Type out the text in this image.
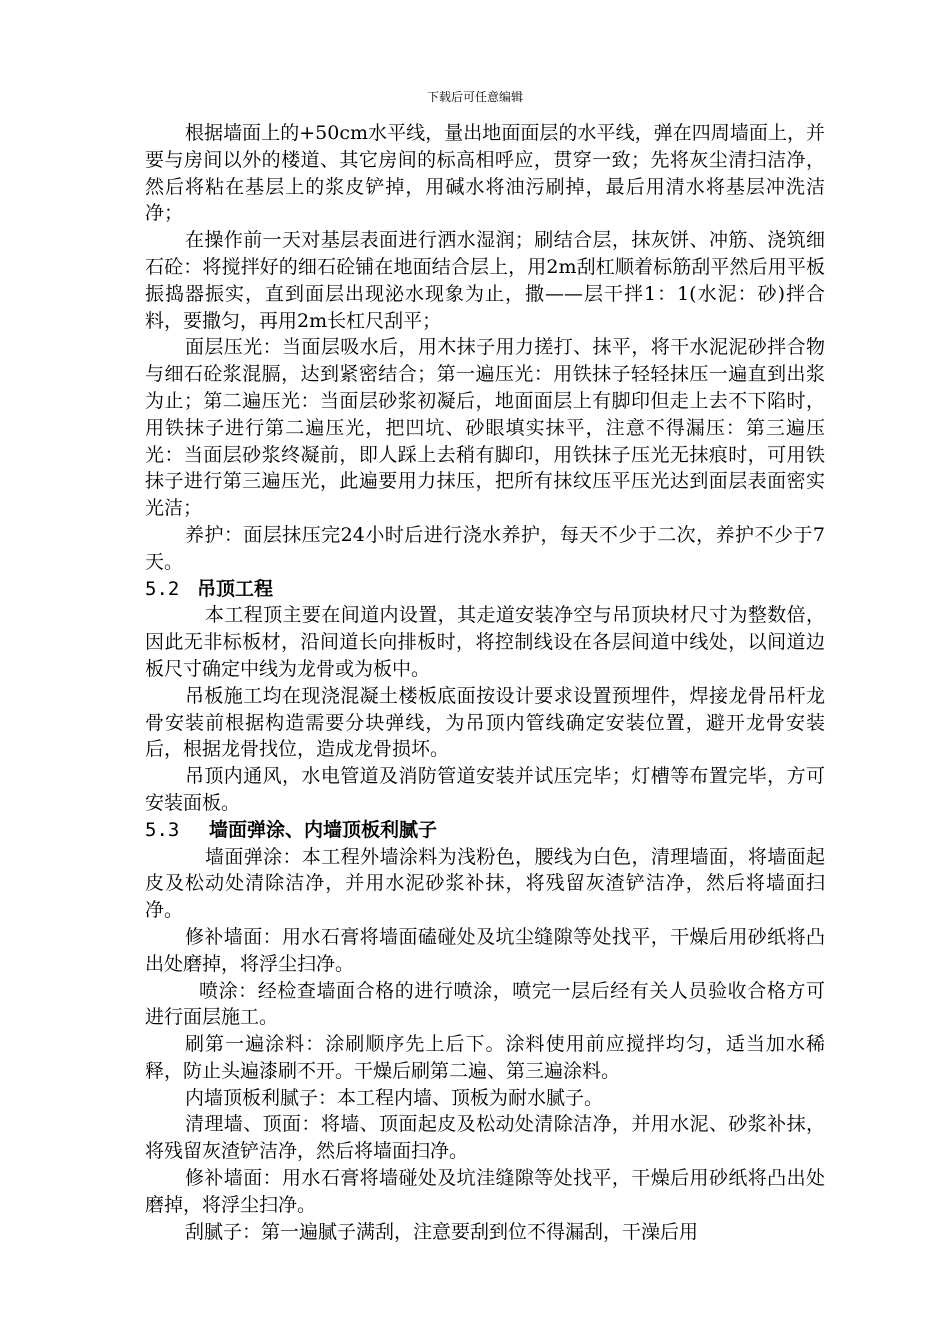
下载后可任意编辑

根据墙面上的+50cm水平线，量出地面面层的水平线，弹在四周墙面上，并要与房间以外的楼道、其它房间的标高相呼应，贯穿一致；先将灰尘清扫洁净，然后将粘在基层上的浆皮铲掉，用碱水将油污刷掉，最后用清水将基层冲洗洁净；

在操作前一天对基层表面进行洒水湿润；刷结合层，抹灰饼、冲筋、浇筑细石砼：将搅拌好的细石砼铺在地面结合层上，用2m刮杠顺着标筋刮平然后用平板振捣器振实，直到面层出现泌水现象为止，撒——层干拌1：1(水泥：砂)拌合料，要撒匀，再用2m长杠尺刮平；

面层压光：当面层吸水后，用木抹子用力搓打、抹平，将干水泥泥砂拌合物与细石砼浆混膈，达到紧密结合；第一遍压光：用铁抹子轻轻抹压一遍直到出浆为止；第二遍压光：当面层砂浆初凝后，地面面层上有脚印但走上去不下陷时，用铁抹子进行第二遍压光，把凹坑、砂眼填实抹平，注意不得漏压：第三遍压光：当面层砂浆终凝前，即人踩上去稍有脚印，用铁抹子压光无抹痕时，可用铁抹子进行第三遍压光，此遍要用力抹压，把所有抹纹压平压光达到面层表面密实光洁；

养护：面层抹压完24小时后进行浇水养护，每天不少于二次，养护不少于7天。

5.2 吊顶工程

本工程顶主要在间道内设置，其走道安装净空与吊顶块材尺寸为整数倍，因此无非标板材，沿间道长向排板时，将控制线设在各层间道中线处，以间道边板尺寸确定中线为龙骨或为板中。

吊板施工均在现浇混凝土楼板底面按设计要求设置预埋件，焊接龙骨吊杆龙骨安装前根据构造需要分块弹线，为吊顶内管线确定安装位置，避开龙骨安装后，根据龙骨找位，造成龙骨损坏。

吊顶内通风，水电管道及消防管道安装并试压完毕；灯槽等布置完毕，方可安装面板。

5.3 墙面弹涂、内墙顶板利腻子

墙面弹涂：本工程外墙涂料为浅粉色，腰线为白色，清理墙面，将墙面起皮及松动处清除洁净，并用水泥砂浆补抹，将残留灰渣铲洁净，然后将墙面扫净。

修补墙面：用水石膏将墙面磕碰处及坑尘缝隙等处找平，干燥后用砂纸将凸出处磨掉，将浮尘扫净。

喷涂：经检查墙面合格的进行喷涂，喷完一层后经有关人员验收合格方可进行面层施工。

刷第一遍涂料：涂刷顺序先上后下。涂料使用前应搅拌均匀，适当加水稀释，防止头遍漆刷不开。干燥后刷第二遍、第三遍涂料。

内墙顶板利腻子：本工程内墙、顶板为耐水腻子。

清理墙、顶面：将墙、顶面起皮及松动处清除洁净，并用水泥、砂浆补抹，将残留灰渣铲洁净，然后将墙面扫净。

修补墙面：用水石膏将墙碰处及坑洼缝隙等处找平，干燥后用砂纸将凸出处磨掉，将浮尘扫净。

刮腻子：第一遍腻子满刮，注意要刮到位不得漏刮，干澡后用
